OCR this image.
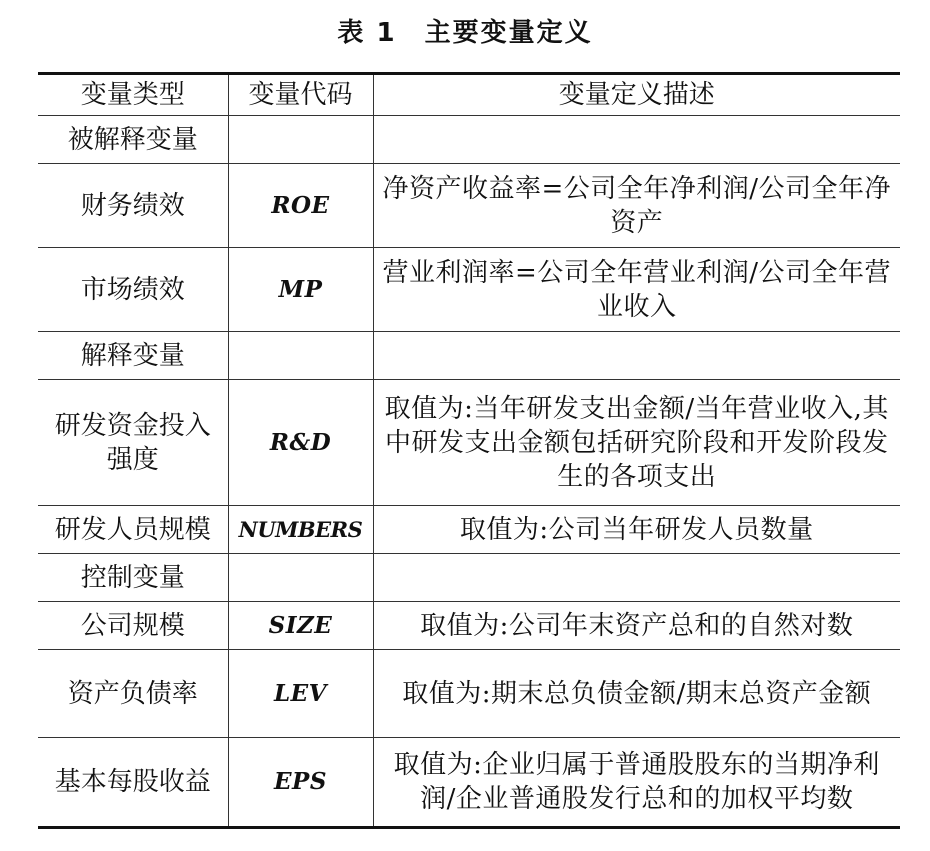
表 1　主要变量定义
变量类型	变量代码	变量定义描述
被解释变量		
财务绩效	ROE	净资产收益率=公司全年净利润/公司全年净资产
市场绩效	MP	营业利润率=公司全年营业利润/公司全年营业收入
解释变量		
研发资金投入强度	R&D	取值为:当年研发支出金额/当年营业收入,其中研发支出金额包括研究阶段和开发阶段发生的各项支出
研发人员规模	NUMBERS	取值为:公司当年研发人员数量
控制变量		
公司规模	SIZE	取值为:公司年末资产总和的自然对数
资产负债率	LEV	取值为:期末总负债金额/期末总资产金额
基本每股收益	EPS	取值为:企业归属于普通股股东的当期净利润/企业普通股发行总和的加权平均数
